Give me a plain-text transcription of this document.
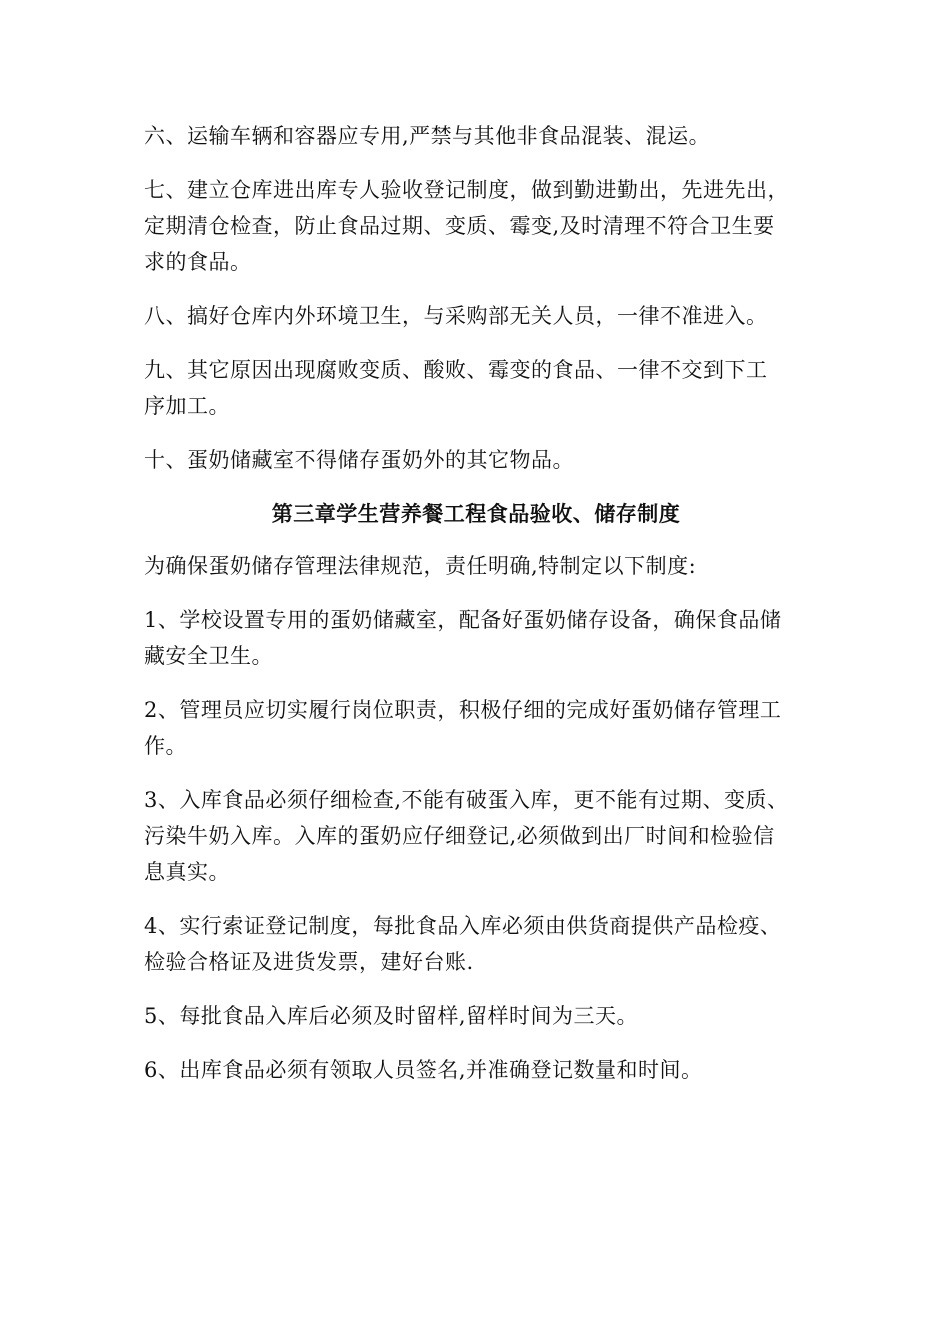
六、运输车辆和容器应专用,严禁与其他非食品混装、混运。

七、建立仓库进出库专人验收登记制度，做到勤进勤出，先进先出，
定期清仓检查，防止食品过期、变质、霉变,及时清理不符合卫生要
求的食品。

八、搞好仓库内外环境卫生，与采购部无关人员，一律不准进入。

九、其它原因出现腐败变质、酸败、霉变的食品、一律不交到下工
序加工。

十、蛋奶储藏室不得储存蛋奶外的其它物品。

第三章学生营养餐工程食品验收、储存制度

为确保蛋奶储存管理法律规范，责任明确,特制定以下制度:

1、学校设置专用的蛋奶储藏室，配备好蛋奶储存设备，确保食品储
藏安全卫生。

2、管理员应切实履行岗位职责，积极仔细的完成好蛋奶储存管理工
作。

3、入库食品必须仔细检查,不能有破蛋入库，更不能有过期、变质、
污染牛奶入库。入库的蛋奶应仔细登记,必须做到出厂时间和检验信
息真实。

4、实行索证登记制度，每批食品入库必须由供货商提供产品检疫、
检验合格证及进货发票，建好台账.

5、每批食品入库后必须及时留样,留样时间为三天。

6、出库食品必须有领取人员签名,并准确登记数量和时间。
